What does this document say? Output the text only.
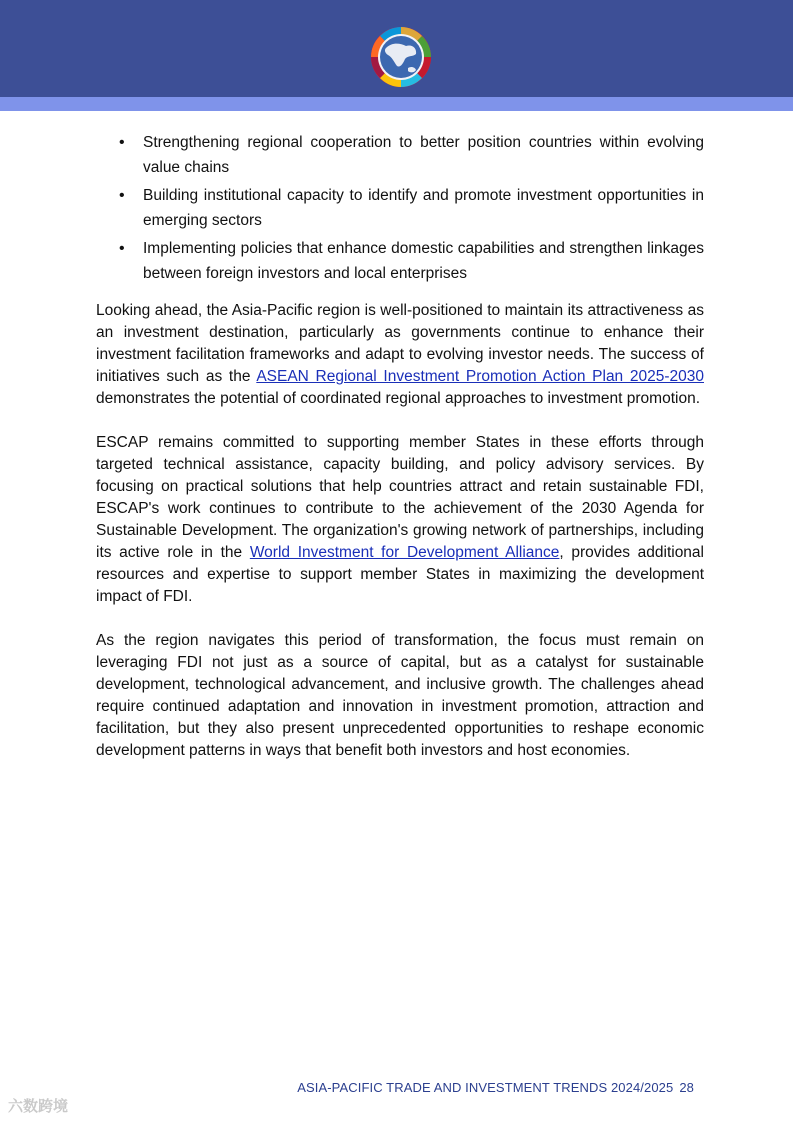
• Strengthening regional cooperation to better position countries within evolving value chains
• Building institutional capacity to identify and promote investment opportunities in emerging sectors
• Implementing policies that enhance domestic capabilities and strengthen linkages between foreign investors and local enterprises

Looking ahead, the Asia-Pacific region is well-positioned to maintain its attractiveness as an investment destination, particularly as governments continue to enhance their investment facilitation frameworks and adapt to evolving investor needs. The success of initiatives such as the ASEAN Regional Investment Promotion Action Plan 2025-2030 demonstrates the potential of coordinated regional approaches to investment promotion.

ESCAP remains committed to supporting member States in these efforts through targeted technical assistance, capacity building, and policy advisory services. By focusing on practical solutions that help countries attract and retain sustainable FDI, ESCAP's work continues to contribute to the achievement of the 2030 Agenda for Sustainable Development. The organization's growing network of partnerships, including its active role in the World Investment for Development Alliance, provides additional resources and expertise to support member States in maximizing the development impact of FDI.

As the region navigates this period of transformation, the focus must remain on leveraging FDI not just as a source of capital, but as a catalyst for sustainable development, technological advancement, and inclusive growth. The challenges ahead require continued adaptation and innovation in investment promotion, attraction and facilitation, but they also present unprecedented opportunities to reshape economic development patterns in ways that benefit both investors and host economies.

ASIA-PACIFIC TRADE AND INVESTMENT TRENDS 2024/2025 28
六数跨境
